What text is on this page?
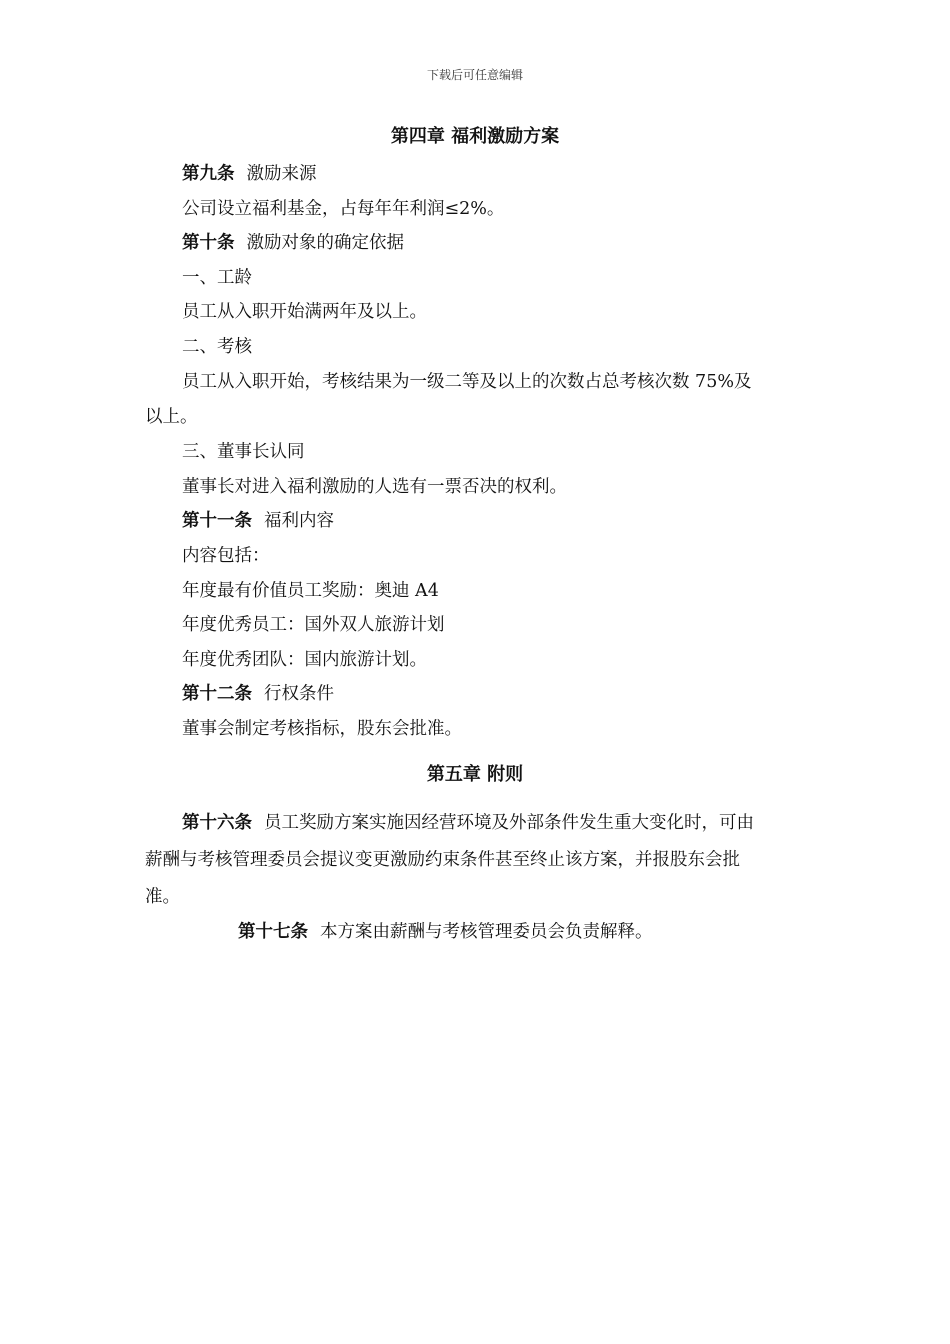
下载后可任意编辑
第四章 福利激励方案
第九条 激励来源
公司设立福利基金，占每年年利润≤2%。
第十条 激励对象的确定依据
一、工龄
员工从入职开始满两年及以上。
二、考核
员工从入职开始，考核结果为一级二等及以上的次数占总考核次数 75%及
以上。
三、董事长认同
董事长对进入福利激励的人选有一票否决的权利。
第十一条 福利内容
内容包括：
年度最有价值员工奖励：奥迪 A4
年度优秀员工：国外双人旅游计划
年度优秀团队：国内旅游计划。
第十二条 行权条件
董事会制定考核指标，股东会批准。
第五章 附则
第十六条 员工奖励方案实施因经营环境及外部条件发生重大变化时，可由
薪酬与考核管理委员会提议变更激励约束条件甚至终止该方案，并报股东会批
准。
第十七条 本方案由薪酬与考核管理委员会负责解释。
